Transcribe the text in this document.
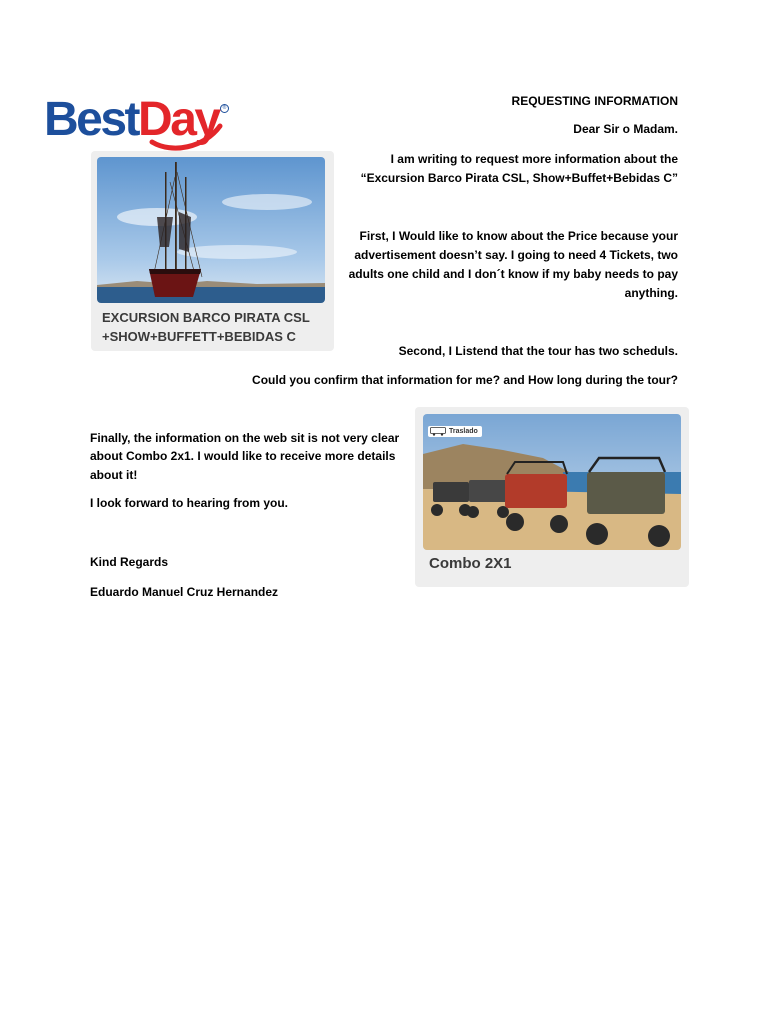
BestDay ®	REQUESTING INFORMATION
Dear Sir o Madam.
I am writing to request more information about the
“Excursion Barco Pirata CSL, Show+Buffet+Bebidas C”
First, I Would like to know about the Price because your
advertisement doesn’t say. I going to need 4 Tickets, two
adults one child and I don´t know if my baby needs to pay
anything.
Second, I Listend that the tour has two scheduls.
Could you confirm that information for me? and How long during the tour?
Finally, the information on the web sit is not very clear
about Combo 2x1. I would like to receive more details
about it!
I look forward to hearing from you.
Kind Regards
Eduardo Manuel Cruz Hernandez
EXCURSION BARCO PIRATA CSL
+SHOW+BUFFETT+BEBIDAS C
Traslado
Combo 2X1
